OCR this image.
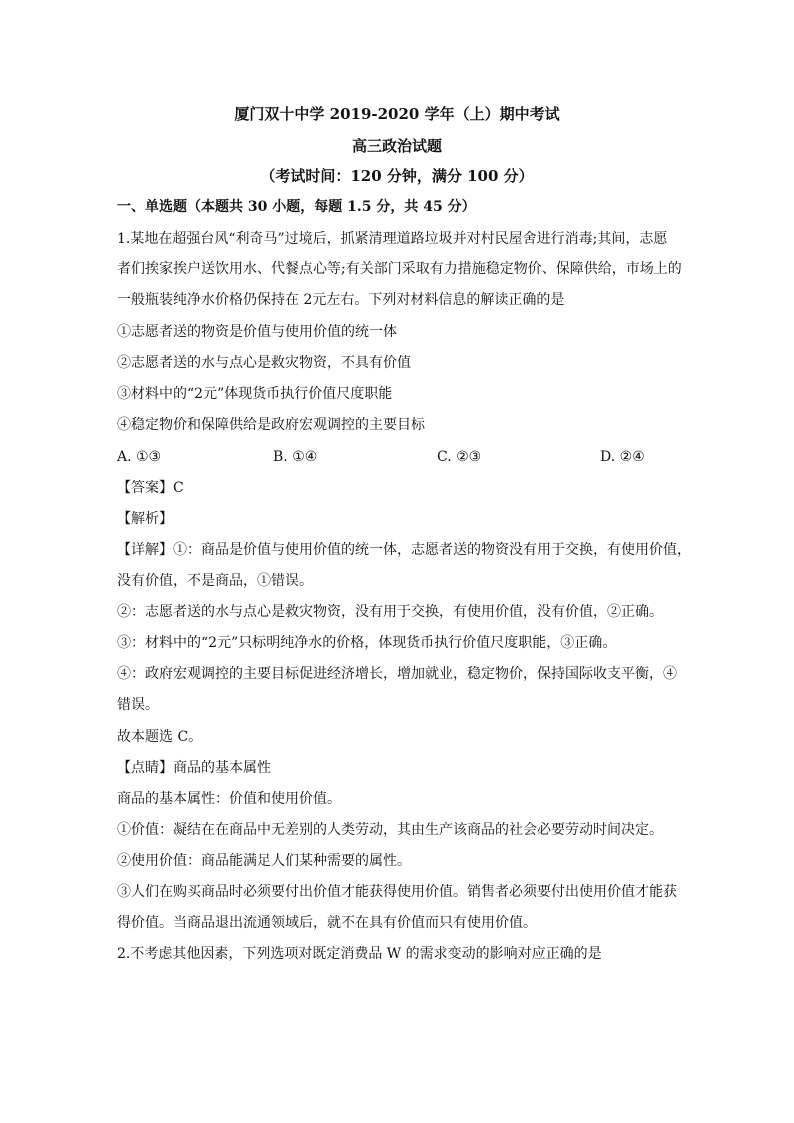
厦门双十中学 2019-2020 学年（上）期中考试
高三政治试题
（考试时间：120 分钟，满分 100 分）
一、单选题（本题共 30 小题，每题 1.5 分，共 45 分）
1.某地在超强台风“利奇马”过境后，抓紧清理道路垃圾并对村民屋舍进行消毒;其间，志愿
者们挨家挨户送饮用水、代餐点心等;有关部门采取有力措施稳定物价、保障供给，市场上的
一般瓶装纯净水价格仍保持在 2元左右。下列对材料信息的解读正确的是
①志愿者送的物资是价值与使用价值的统一体
②志愿者送的水与点心是救灾物资，不具有价值
③材料中的“2元”体现货币执行价值尺度职能
④稳定物价和保障供给是政府宏观调控的主要目标
A. ①③	B. ①④	C. ②③	D. ②④
【答案】C
【解析】
【详解】①：商品是价值与使用价值的统一体，志愿者送的物资没有用于交换，有使用价值，
没有价值，不是商品，①错误。
②：志愿者送的水与点心是救灾物资，没有用于交换，有使用价值，没有价值，②正确。
③：材料中的“2元”只标明纯净水的价格，体现货币执行价值尺度职能，③正确。
④：政府宏观调控的主要目标促进经济增长，增加就业，稳定物价，保持国际收支平衡，④
错误。
故本题选 C。
【点睛】商品的基本属性
商品的基本属性：价值和使用价值。
①价值：凝结在在商品中无差别的人类劳动，其由生产该商品的社会必要劳动时间决定。
②使用价值：商品能满足人们某种需要的属性。
③人们在购买商品时必须要付出价值才能获得使用价值。销售者必须要付出使用价值才能获
得价值。当商品退出流通领域后，就不在具有价值而只有使用价值。
2.不考虑其他因素，下列选项对既定消费品 W 的需求变动的影响对应正确的是
